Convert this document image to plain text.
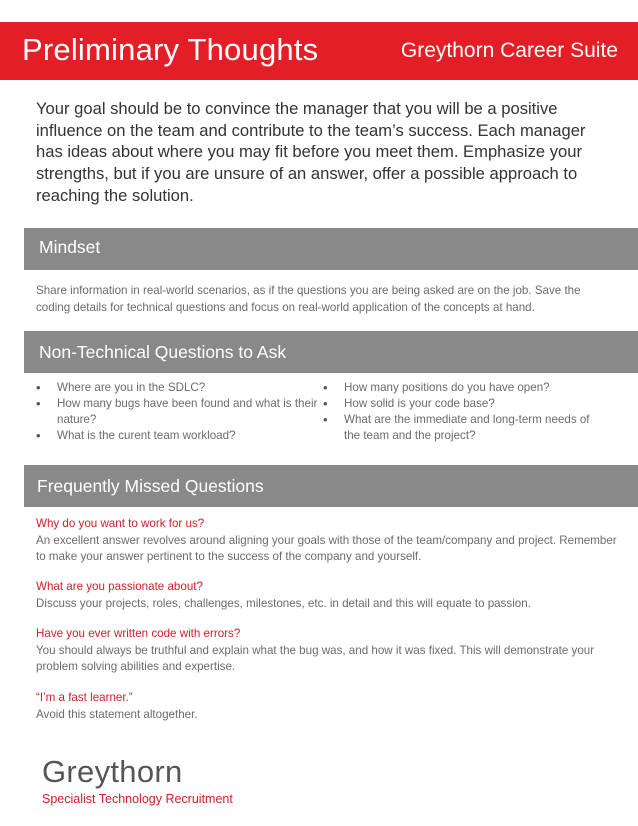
Preliminary Thoughts	Greythorn Career Suite
Your goal should be to convince the manager that you will be a positive influence on the team and contribute to the team’s success. Each manager has ideas about where you may fit before you meet them. Emphasize your strengths, but if you are unsure of an answer, offer a possible approach to reaching the solution.
Mindset
Share information in real-world scenarios, as if the questions you are being asked are on the job. Save the coding details for technical questions and focus on real-world application of the concepts at hand.
Non-Technical Questions to Ask
• Where are you in the SDLC?
• How many bugs have been found and what is their nature?
• What is the curent team workload?
• How many positions do you have open?
• How solid is your code base?
• What are the immediate and long-term needs of the team and the project?
Frequently Missed Questions
Why do you want to work for us?
An excellent answer revolves around aligning your goals with those of the team/company and project. Remember to make your answer pertinent to the success of the company and yourself.
What are you passionate about?
Discuss your projects, roles, challenges, milestones, etc. in detail and this will equate to passion.
Have you ever written code with errors?
You should always be truthful and explain what the bug was, and how it was fixed. This will demonstrate your problem solving abilities and expertise.
“I’m a fast learner.”
Avoid this statement altogether.
Greythorn
Specialist Technology Recruitment
